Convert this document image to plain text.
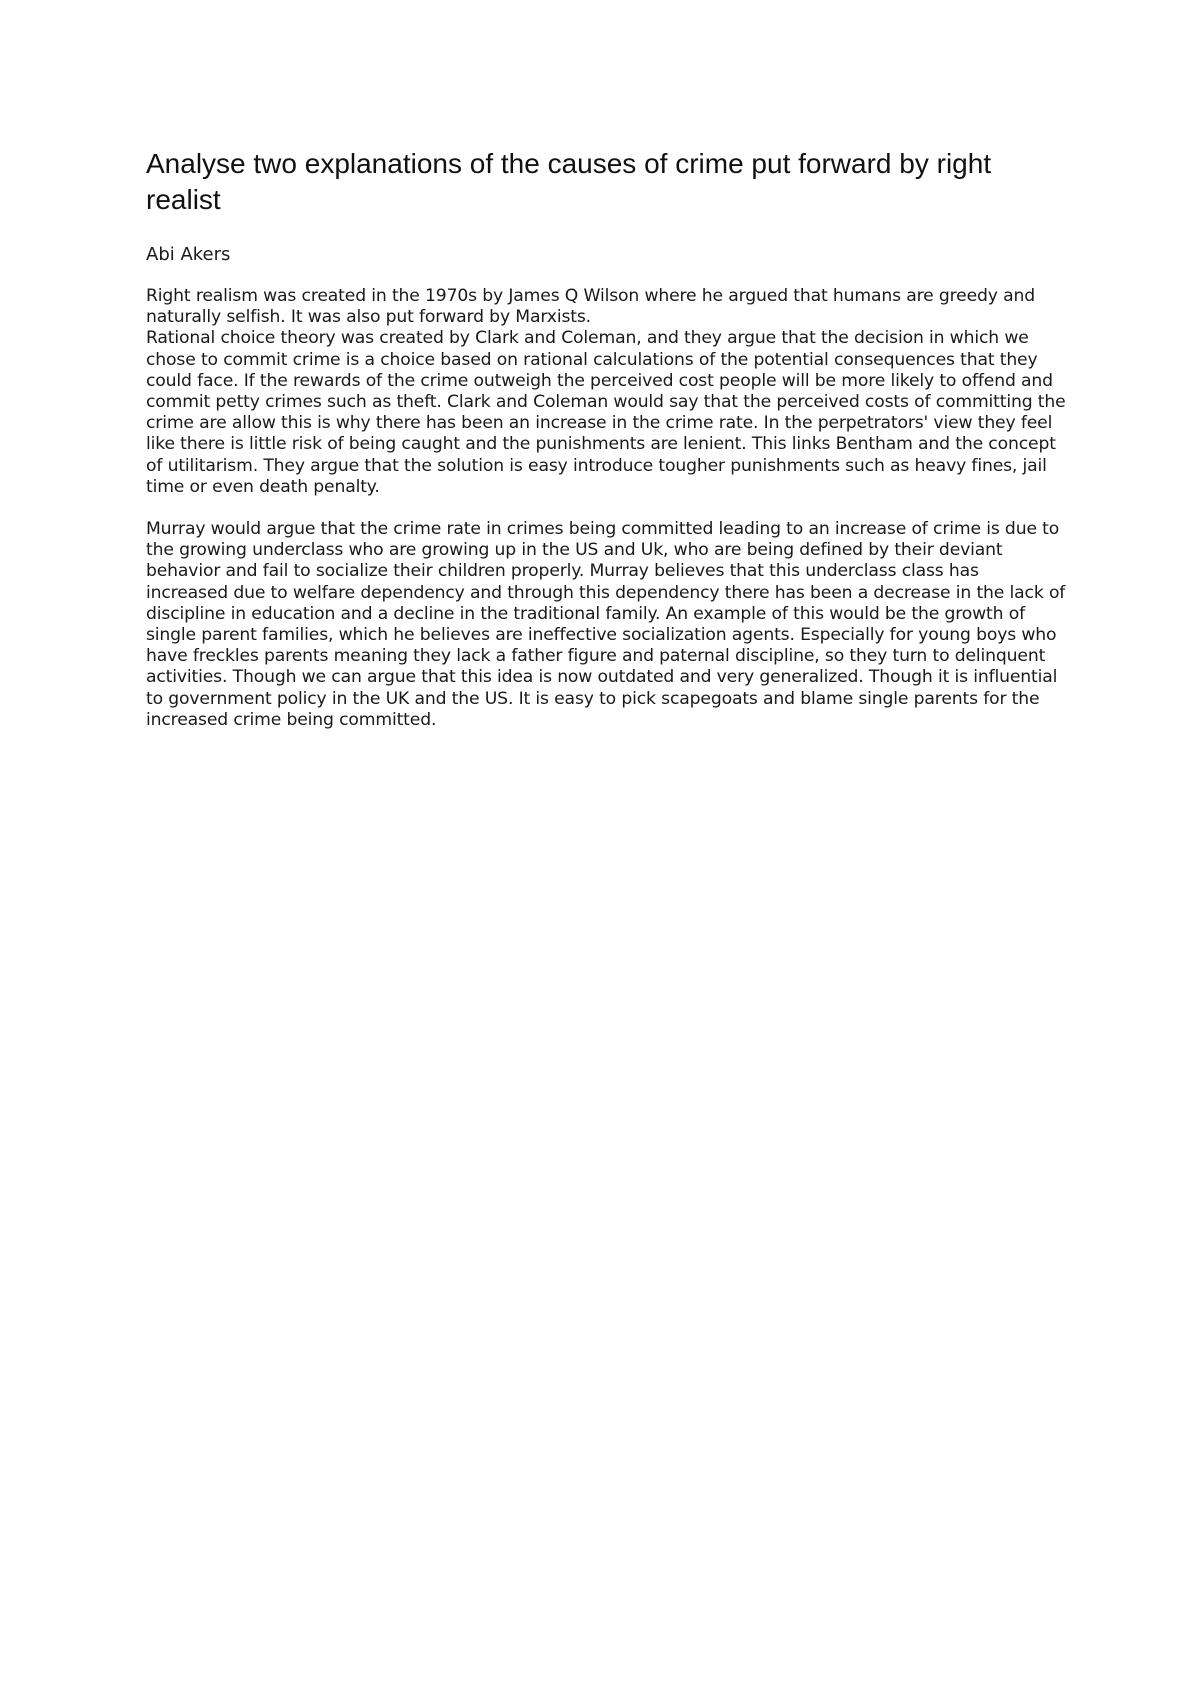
Analyse two explanations of the causes of crime put forward by right realist

Abi Akers

Right realism was created in the 1970s by James Q Wilson where he argued that humans are greedy and naturally selfish. It was also put forward by Marxists.

Rational choice theory was created by Clark and Coleman, and they argue that the decision in which we chose to commit crime is a choice based on rational calculations of the potential consequences that they could face. If the rewards of the crime outweigh the perceived cost people will be more likely to offend and commit petty crimes such as theft. Clark and Coleman would say that the perceived costs of committing the crime are allow this is why there has been an increase in the crime rate. In the perpetrators' view they feel like there is little risk of being caught and the punishments are lenient. This links Bentham and the concept of utilitarism. They argue that the solution is easy introduce tougher punishments such as heavy fines, jail time or even death penalty.

Murray would argue that the crime rate in crimes being committed leading to an increase of crime is due to the growing underclass who are growing up in the US and Uk, who are being defined by their deviant behavior and fail to socialize their children properly. Murray believes that this underclass class has increased due to welfare dependency and through this dependency there has been a decrease in the lack of discipline in education and a decline in the traditional family. An example of this would be the growth of single parent families, which he believes are ineffective socialization agents. Especially for young boys who have freckles parents meaning they lack a father figure and paternal discipline, so they turn to delinquent activities. Though we can argue that this idea is now outdated and very generalized. Though it is influential to government policy in the UK and the US. It is easy to pick scapegoats and blame single parents for the increased crime being committed.
